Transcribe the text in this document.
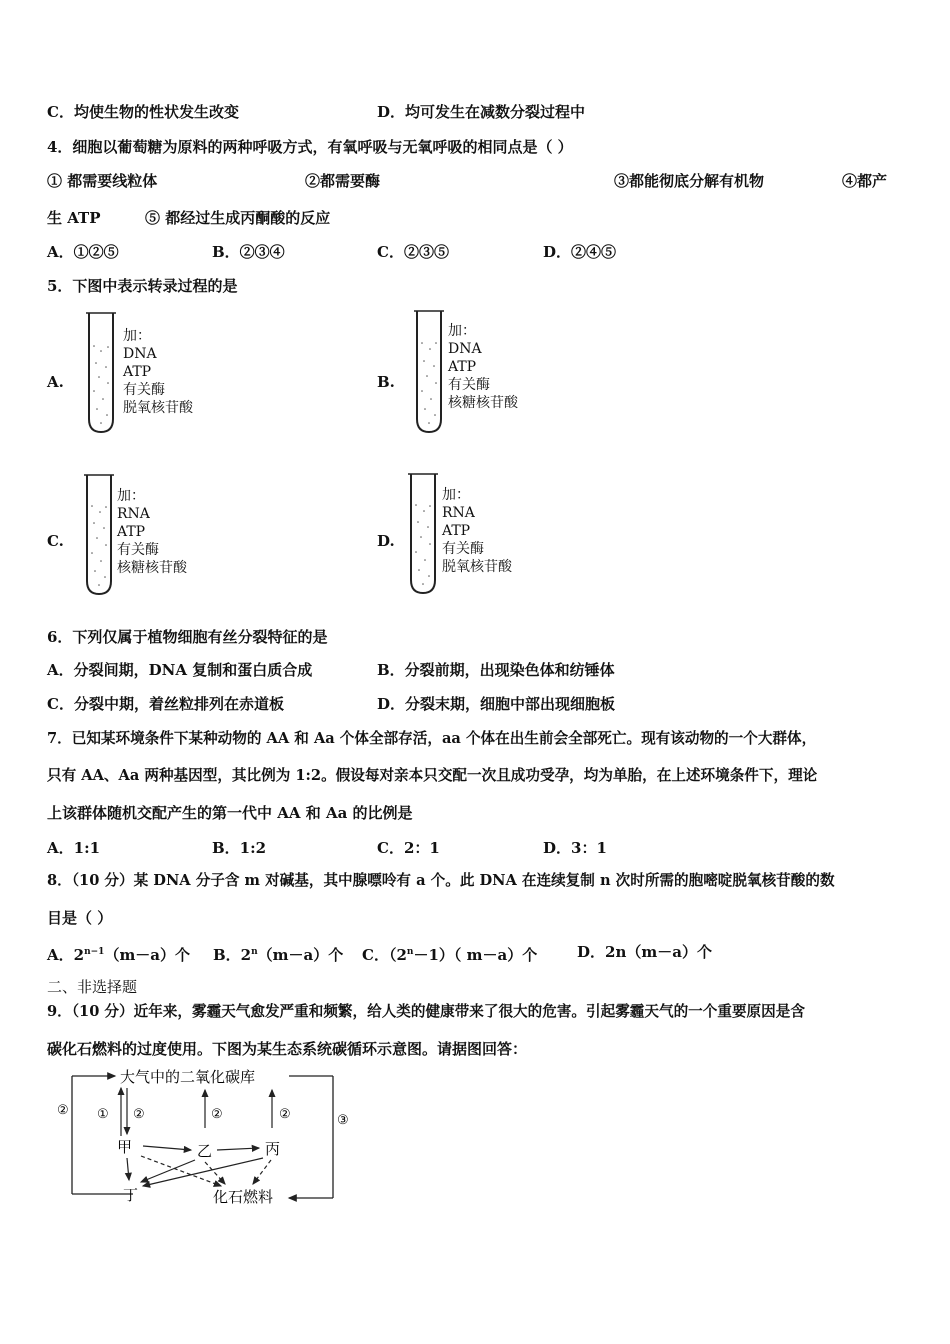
C．均使生物的性状发生改变	D．均可发生在减数分裂过程中
4．细胞以葡萄糖为原料的两种呼吸方式，有氧呼吸与无氧呼吸的相同点是（ ）
① 都需要线粒体	②都需要酶	③都能彻底分解有机物	④都产
生 ATP	⑤ 都经过生成丙酮酸的反应
A．①②⑤	B．②③④	C．②③⑤	D．②④⑤
5．下图中表示转录过程的是
A.
加：
DNA
ATP
有关酶
脱氧核苷酸
B.
加：
DNA
ATP
有关酶
核糖核苷酸
C.
加：
RNA
ATP
有关酶
核糖核苷酸
D.
加：
RNA
ATP
有关酶
脱氧核苷酸
6．下列仅属于植物细胞有丝分裂特征的是
A．分裂间期，DNA 复制和蛋白质合成	B．分裂前期，出现染色体和纺锤体
C．分裂中期，着丝粒排列在赤道板	D．分裂末期，细胞中部出现细胞板
7．已知某环境条件下某种动物的 AA 和 Aa 个体全部存活，aa 个体在出生前会全部死亡。现有该动物的一个大群体，
只有 AA、Aa 两种基因型，其比例为 1:2。假设每对亲本只交配一次且成功受孕，均为单胎，在上述环境条件下，理论
上该群体随机交配产生的第一代中 AA 和 Aa 的比例是
A．1:1	B．1:2	C．2：1	D．3：1
8．（10 分）某 DNA 分子含 m 对碱基，其中腺嘌呤有 a 个。此 DNA 在连续复制 n 次时所需的胞嘧啶脱氧核苷酸的数
目是（ ）
A．$2^{n-1}(m-a)$个 B．$2^n(m-a)$个 C．$(2^n-1)$（ m－a）个	D．2n（m－a）个
二、非选择题
9．（10 分）近年来，雾霾天气愈发严重和频繁，给人类的健康带来了很大的危害。引起雾霾天气的一个重要原因是含
碳化石燃料的过度使用。下图为某生态系统碳循环示意图。请据图回答：
大气中的二氧化碳库
② ① ②	②	②	③
甲	乙	丙
丁	化石燃料
